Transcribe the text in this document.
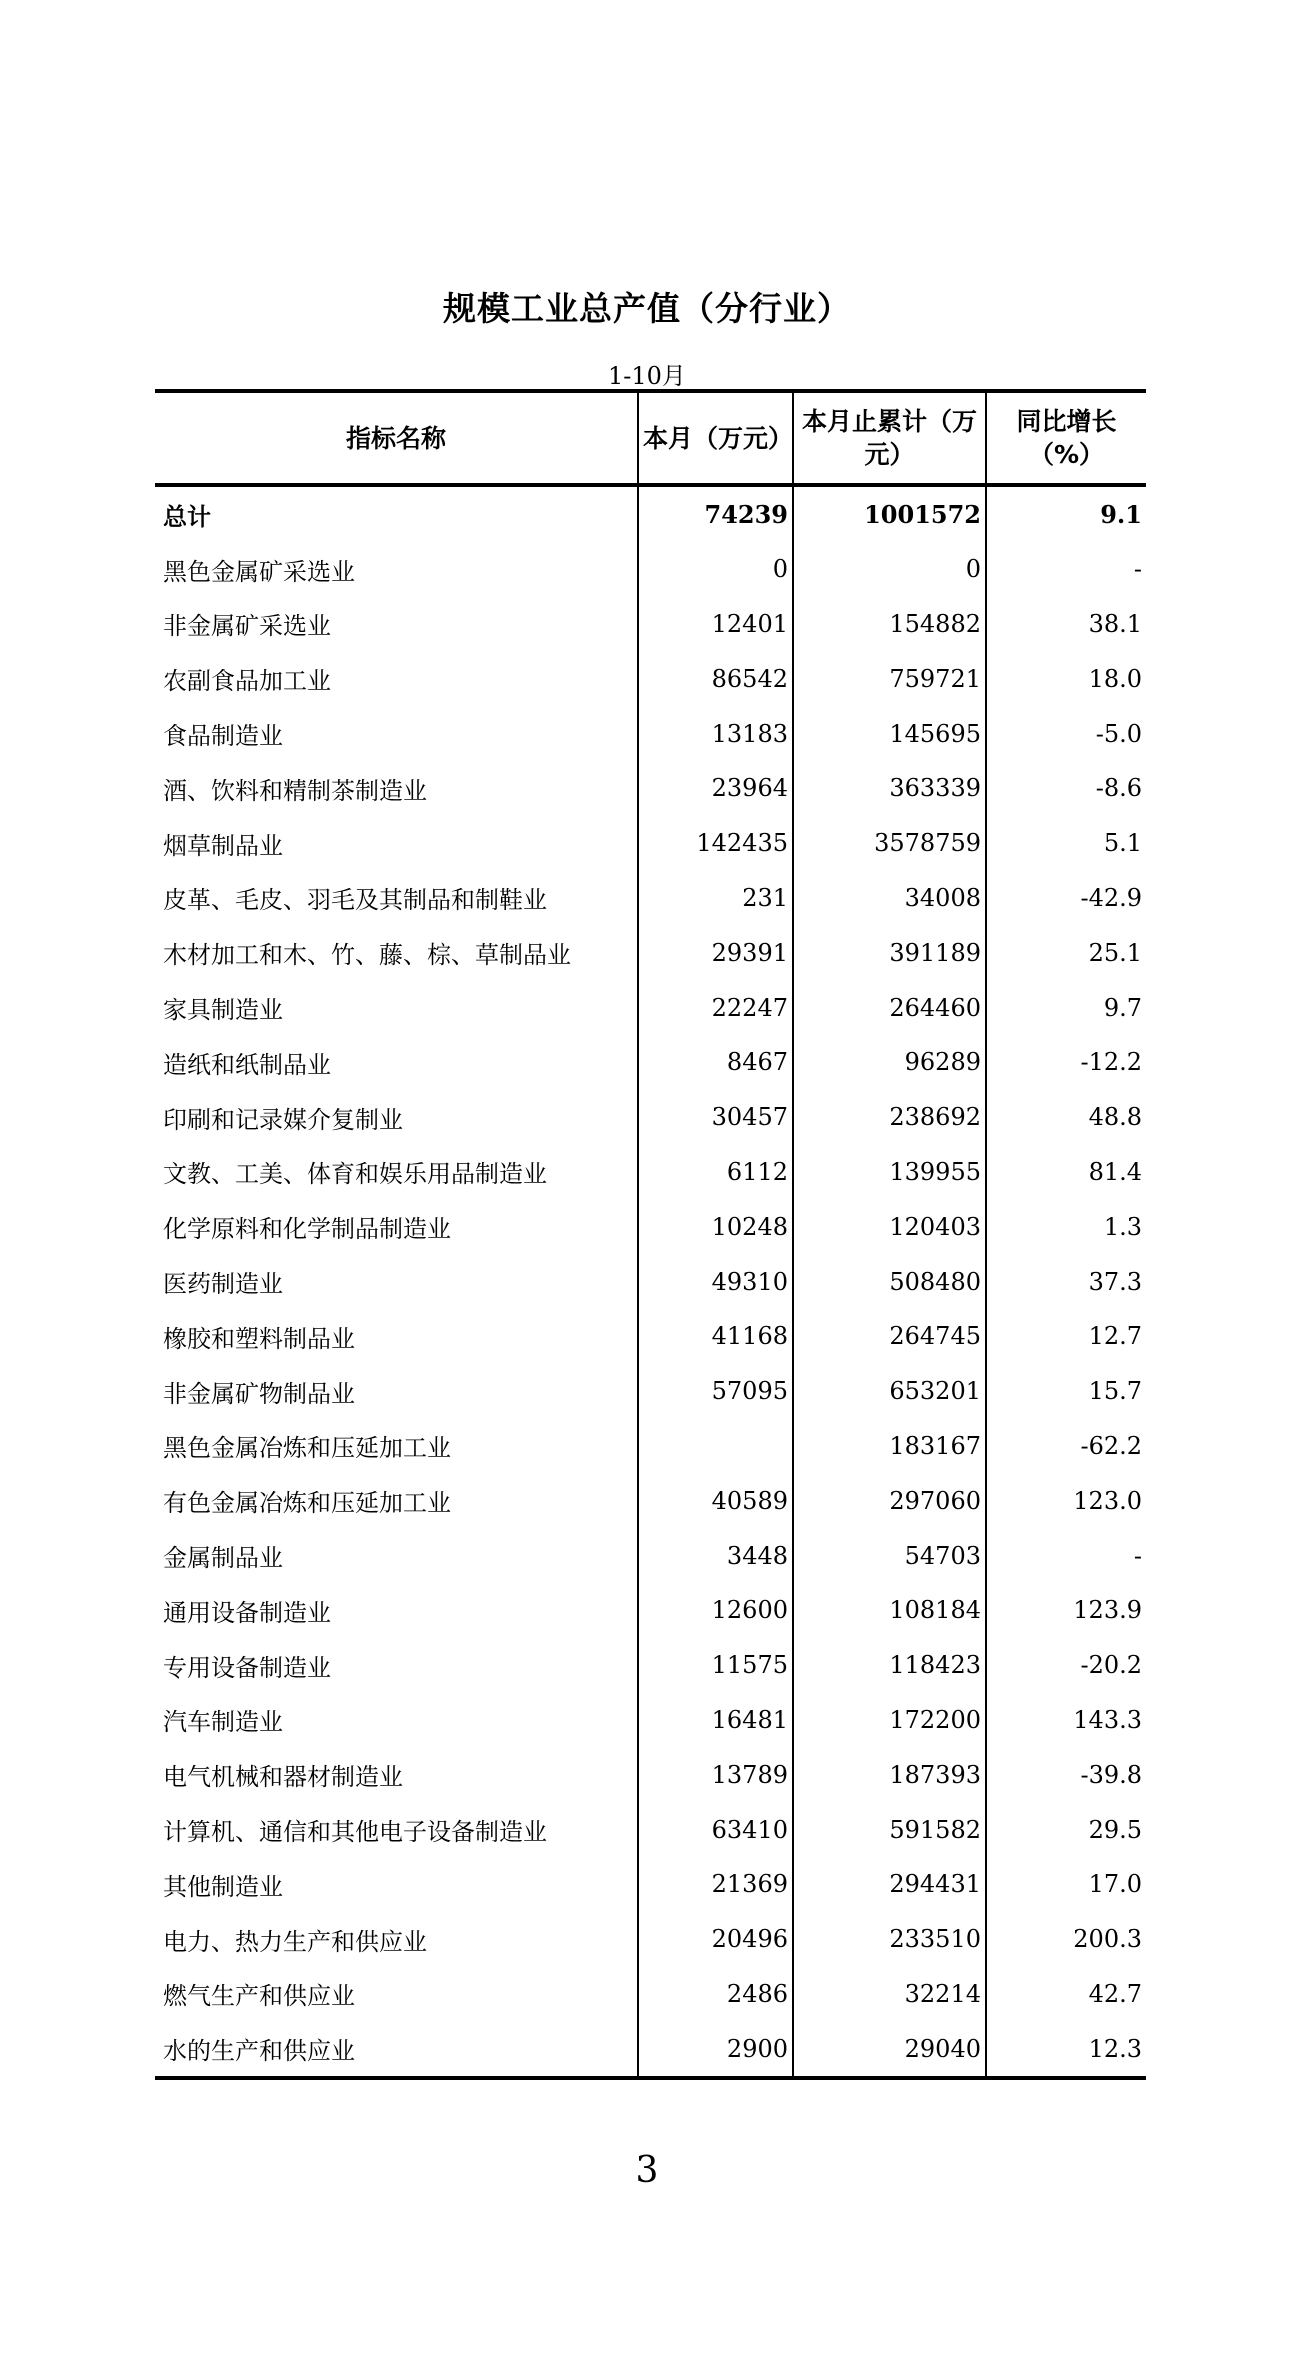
规模工业总产值（分行业）
1-10月
指标名称	本月（万元）	本月止累计（万元）	同比增长（%）
总计	74239	1001572	9.1
黑色金属矿采选业	0	0	-
非金属矿采选业	12401	154882	38.1
农副食品加工业	86542	759721	18.0
食品制造业	13183	145695	-5.0
酒、饮料和精制茶制造业	23964	363339	-8.6
烟草制品业	142435	3578759	5.1
皮革、毛皮、羽毛及其制品和制鞋业	231	34008	-42.9
木材加工和木、竹、藤、棕、草制品业	29391	391189	25.1
家具制造业	22247	264460	9.7
造纸和纸制品业	8467	96289	-12.2
印刷和记录媒介复制业	30457	238692	48.8
文教、工美、体育和娱乐用品制造业	6112	139955	81.4
化学原料和化学制品制造业	10248	120403	1.3
医药制造业	49310	508480	37.3
橡胶和塑料制品业	41168	264745	12.7
非金属矿物制品业	57095	653201	15.7
黑色金属冶炼和压延加工业		183167	-62.2
有色金属冶炼和压延加工业	40589	297060	123.0
金属制品业	3448	54703	-
通用设备制造业	12600	108184	123.9
专用设备制造业	11575	118423	-20.2
汽车制造业	16481	172200	143.3
电气机械和器材制造业	13789	187393	-39.8
计算机、通信和其他电子设备制造业	63410	591582	29.5
其他制造业	21369	294431	17.0
电力、热力生产和供应业	20496	233510	200.3
燃气生产和供应业	2486	32214	42.7
水的生产和供应业	2900	29040	12.3
3
